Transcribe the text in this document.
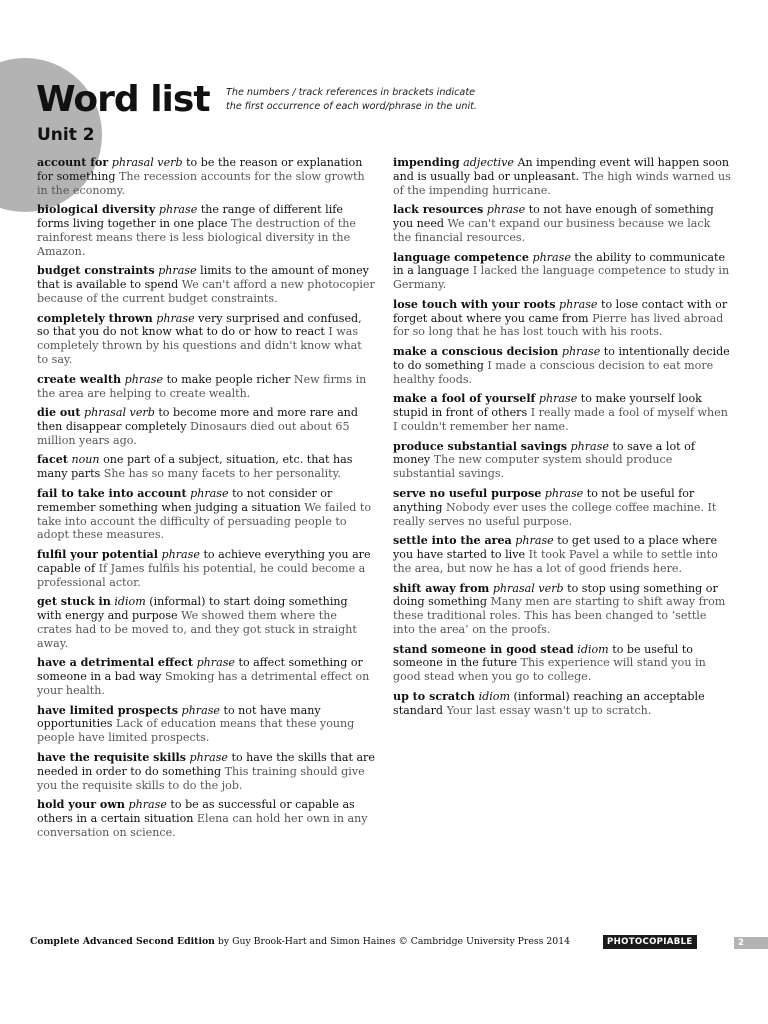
Word list The numbers / track references in brackets indicate
the first occurrence of each word/phrase in the unit.
Unit 2

account for phrasal verb to be the reason or explanation for something The recession accounts for the slow growth in the economy.

biological diversity phrase the range of different life forms living together in one place The destruction of the rainforest means there is less biological diversity in the Amazon.

budget constraints phrase limits to the amount of money that is available to spend We can't afford a new photocopier because of the current budget constraints.

completely thrown phrase very surprised and confused, so that you do not know what to do or how to react I was completely thrown by his questions and didn't know what to say.

create wealth phrase to make people richer New firms in the area are helping to create wealth.

die out phrasal verb to become more and more rare and then disappear completely Dinosaurs died out about 65 million years ago.

facet noun one part of a subject, situation, etc. that has many parts She has so many facets to her personality.

fail to take into account phrase to not consider or remember something when judging a situation We failed to take into account the difficulty of persuading people to adopt these measures.

fulfil your potential phrase to achieve everything you are capable of If James fulfils his potential, he could become a professional actor.

get stuck in idiom (informal) to start doing something with energy and purpose We showed them where the crates had to be moved to, and they got stuck in straight away.

have a detrimental effect phrase to affect something or someone in a bad way Smoking has a detrimental effect on your health.

have limited prospects phrase to not have many opportunities Lack of education means that these young people have limited prospects.

have the requisite skills phrase to have the skills that are needed in order to do something This training should give you the requisite skills to do the job.

hold your own phrase to be as successful or capable as others in a certain situation Elena can hold her own in any conversation on science.

impending adjective An impending event will happen soon and is usually bad or unpleasant. The high winds warned us of the impending hurricane.

lack resources phrase to not have enough of something you need We can't expand our business because we lack the financial resources.

language competence phrase the ability to communicate in a language I lacked the language competence to study in Germany.

lose touch with your roots phrase to lose contact with or forget about where you came from Pierre has lived abroad for so long that he has lost touch with his roots.

make a conscious decision phrase to intentionally decide to do something I made a conscious decision to eat more healthy foods.

make a fool of yourself phrase to make yourself look stupid in front of others I really made a fool of myself when I couldn't remember her name.

produce substantial savings phrase to save a lot of money The new computer system should produce substantial savings.

serve no useful purpose phrase to not be useful for anything Nobody ever uses the college coffee machine. It really serves no useful purpose.

settle into the area phrase to get used to a place where you have started to live It took Pavel a while to settle into the area, but now he has a lot of good friends here.

shift away from phrasal verb to stop using something or doing something Many men are starting to shift away from these traditional roles. This has been changed to ‘settle into the area’ on the proofs.

stand someone in good stead idiom to be useful to someone in the future This experience will stand you in good stead when you go to college.

up to scratch idiom (informal) reaching an acceptable standard Your last essay wasn't up to scratch.

Complete Advanced Second Edition by Guy Brook-Hart and Simon Haines © Cambridge University Press 2014	PHOTOCOPIABLE	2
